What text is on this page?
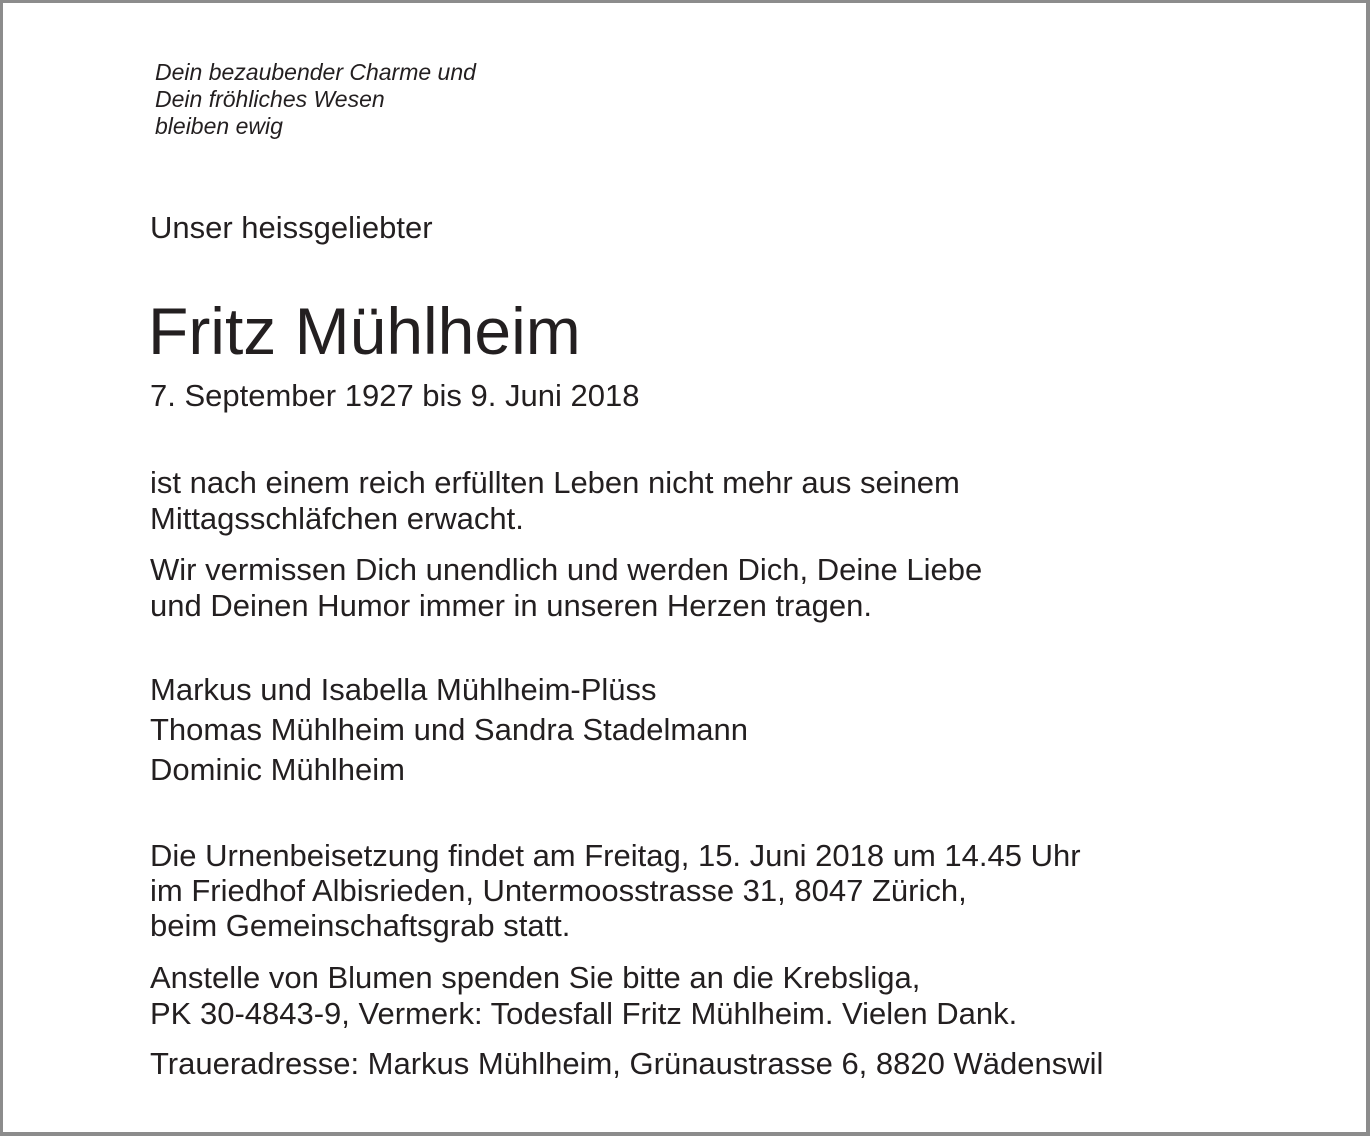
Dein bezaubender Charme und

Dein fröhliches Wesen

bleiben ewig

Unser heissgeliebter

Fritz Mühlheim

7. September 1927 bis 9. Juni 2018

ist nach einem reich erfüllten Leben nicht mehr aus seinem

Mittagsschläfchen erwacht.

Wir vermissen Dich unendlich und werden Dich, Deine Liebe

und Deinen Humor immer in unseren Herzen tragen.

Markus und Isabella Mühlheim-Plüss

Thomas Mühlheim und Sandra Stadelmann

Dominic Mühlheim

Die Urnenbeisetzung findet am Freitag, 15. Juni 2018 um 14.45 Uhr

im Friedhof Albisrieden, Untermoosstrasse 31, 8047 Zürich,

beim Gemeinschaftsgrab statt.

Anstelle von Blumen spenden Sie bitte an die Krebsliga,

PK 30-4843-9, Vermerk: Todesfall Fritz Mühlheim. Vielen Dank.

Traueradresse: Markus Mühlheim, Grünaustrasse 6, 8820 Wädenswil
